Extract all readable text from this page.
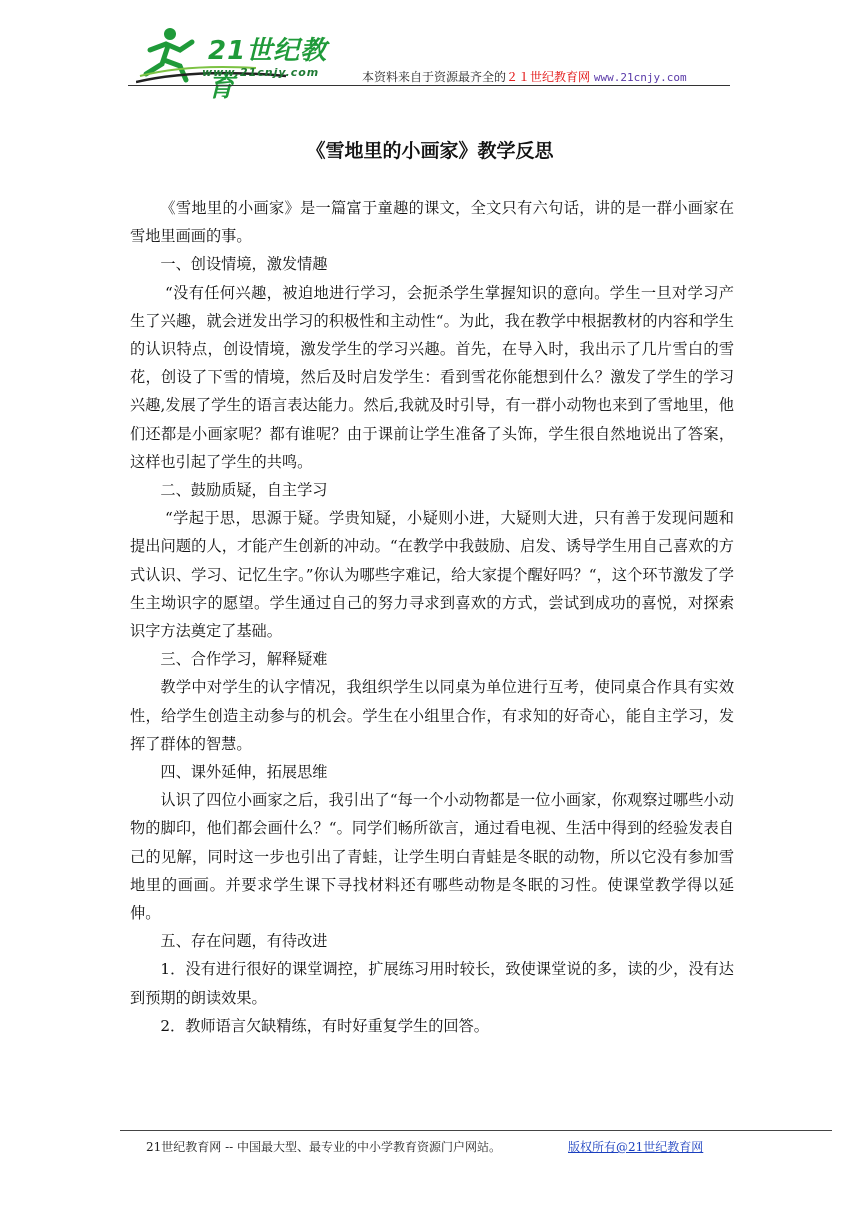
21世纪教育
www.21cnjy.com	本资料来自于资源最齐全的２１世纪教育网 www.21cnjy.com
《雪地里的小画家》教学反思

《雪地里的小画家》是一篇富于童趣的课文，全文只有六句话，讲的是一群小画家在雪地里画画的事。

一、创设情境，激发情趣

“没有任何兴趣，被迫地进行学习，会扼杀学生掌握知识的意向。学生一旦对学习产生了兴趣，就会迸发出学习的积极性和主动性“。为此，我在教学中根据教材的内容和学生的认识特点，创设情境，激发学生的学习兴趣。首先，在导入时，我出示了几片雪白的雪花，创设了下雪的情境，然后及时启发学生：看到雪花你能想到什么？激发了学生的学习兴趣,发展了学生的语言表达能力。然后,我就及时引导，有一群小动物也来到了雪地里，他们还都是小画家呢？都有谁呢？由于课前让学生准备了头饰，学生很自然地说出了答案，这样也引起了学生的共鸣。

二、鼓励质疑，自主学习

“学起于思，思源于疑。学贵知疑，小疑则小进，大疑则大进，只有善于发现问题和提出问题的人，才能产生创新的冲动。“在教学中我鼓励、启发、诱导学生用自己喜欢的方式认识、学习、记忆生字。”你认为哪些字难记，给大家提个醒好吗？“，这个环节激发了学生主坳识字的愿望。学生通过自己的努力寻求到喜欢的方式，尝试到成功的喜悦，对探索识字方法奠定了基础。

三、合作学习，解释疑难

教学中对学生的认字情况，我组织学生以同桌为单位进行互考，使同桌合作具有实效性，给学生创造主动参与的机会。学生在小组里合作，有求知的好奇心，能自主学习，发挥了群体的智慧。

四、课外延伸，拓展思维

认识了四位小画家之后，我引出了“每一个小动物都是一位小画家，你观察过哪些小动物的脚印，他们都会画什么？“。同学们畅所欲言，通过看电视、生活中得到的经验发表自己的见解，同时这一步也引出了青蛙，让学生明白青蛙是冬眠的动物，所以它没有参加雪地里的画画。并要求学生课下寻找材料还有哪些动物是冬眠的习性。使课堂教学得以延伸。

五、存在问题，有待改进

1．没有进行很好的课堂调控，扩展练习用时较长，致使课堂说的多，读的少，没有达到预期的朗读效果。

2．教师语言欠缺精练，有时好重复学生的回答。

21世纪教育网 -- 中国最大型、最专业的中小学教育资源门户网站。	版权所有@21世纪教育网
